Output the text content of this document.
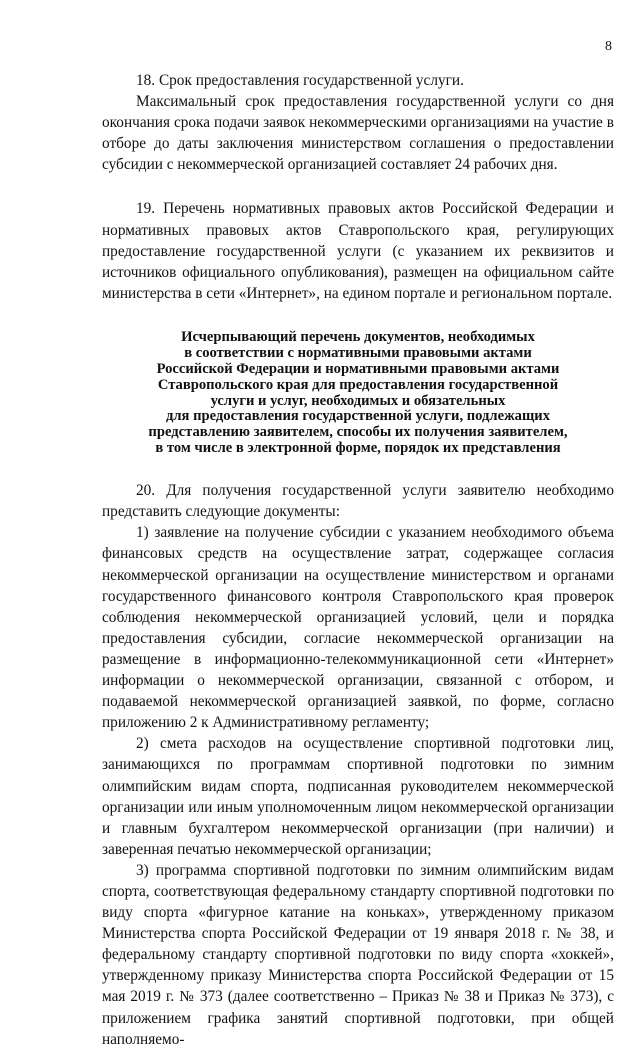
8

18. Срок предоставления государственной услуги.

Максимальный срок предоставления государственной услуги со дня окончания срока подачи заявок некоммерческими организациями на участие в отборе до даты заключения министерством соглашения о предоставлении субсидии с некоммерческой организацией составляет 24 рабочих дня.

19. Перечень нормативных правовых актов Российской Федерации и нормативных правовых актов Ставропольского края, регулирующих предоставление государственной услуги (с указанием их реквизитов и источников официального опубликования), размещен на официальном сайте министерства в сети «Интернет», на едином портале и региональном портале.

Исчерпывающий перечень документов, необходимых
в соответствии с нормативными правовыми актами
Российской Федерации и нормативными правовыми актами
Ставропольского края для предоставления государственной
услуги и услуг, необходимых и обязательных
для предоставления государственной услуги, подлежащих
представлению заявителем, способы их получения заявителем,
в том числе в электронной форме, порядок их представления

20. Для получения государственной услуги заявителю необходимо представить следующие документы:

1) заявление на получение субсидии с указанием необходимого объема финансовых средств на осуществление затрат, содержащее согласия некоммерческой организации на осуществление министерством и органами государственного финансового контроля Ставропольского края проверок соблюдения некоммерческой организацией условий, цели и порядка предоставления субсидии, согласие некоммерческой организации на размещение в информационно-телекоммуникационной сети «Интернет» информации о некоммерческой организации, связанной с отбором, и подаваемой некоммерческой организацией заявкой, по форме, согласно приложению 2 к Административному регламенту;

2) смета расходов на осуществление спортивной подготовки лиц, занимающихся по программам спортивной подготовки по зимним олимпийским видам спорта, подписанная руководителем некоммерческой организации или иным уполномоченным лицом некоммерческой организации и главным бухгалтером некоммерческой организации (при наличии) и заверенная печатью некоммерческой организации;

3) программа спортивной подготовки по зимним олимпийским видам спорта, соответствующая федеральному стандарту спортивной подготовки по виду спорта «фигурное катание на коньках», утвержденному приказом Министерства спорта Российской Федерации от 19 января 2018 г. № 38, и федеральному стандарту спортивной подготовки по виду спорта «хоккей», утвержденному приказу Министерства спорта Российской Федерации от 15 мая 2019 г. № 373 (далее соответственно – Приказ № 38 и Приказ № 373), с приложением графика занятий спортивной подготовки, при общей наполняемо-
